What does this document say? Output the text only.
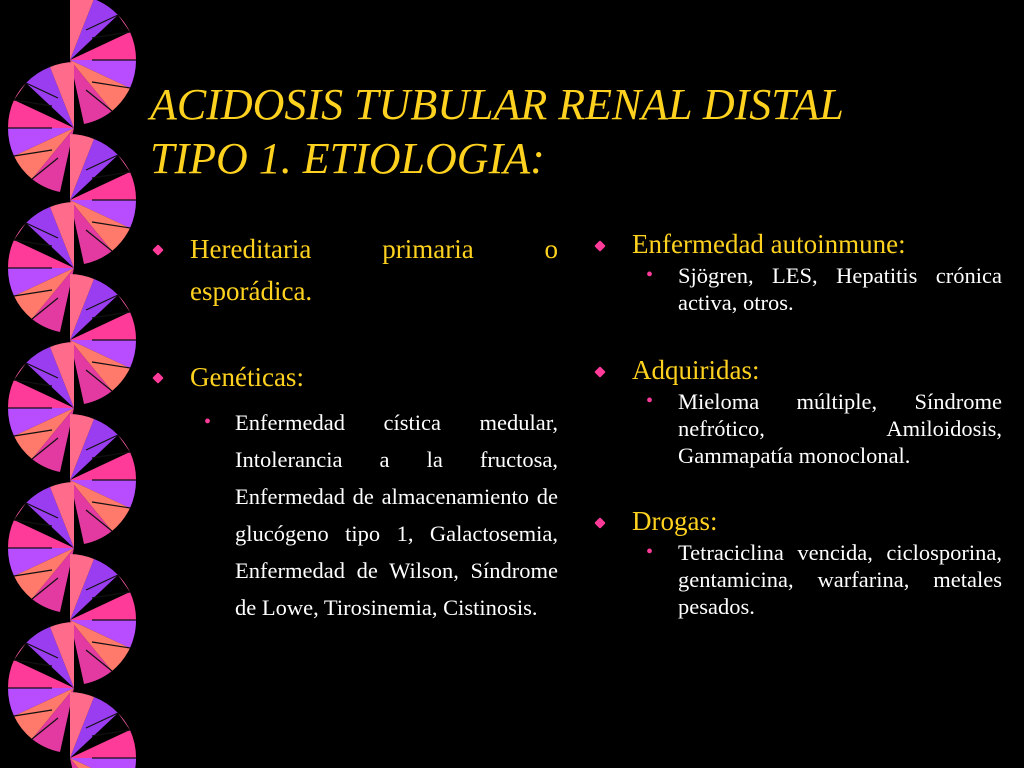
ACIDOSIS TUBULAR RENAL DISTAL
TIPO 1. ETIOLOGIA:
Hereditaria primaria o esporádica.
Genéticas:
• Enfermedad cística medular, Intolerancia a la fructosa, Enfermedad de almacenamiento de glucógeno tipo 1, Galactosemia, Enfermedad de Wilson, Síndrome de Lowe, Tirosinemia, Cistinosis.
Enfermedad autoinmune:
• Sjögren, LES, Hepatitis crónica activa, otros.
Adquiridas:
• Mieloma múltiple, Síndrome nefrótico, Amiloidosis, Gammapatía monoclonal.
Drogas:
• Tetraciclina vencida, ciclosporina, gentamicina, warfarina, metales pesados.
